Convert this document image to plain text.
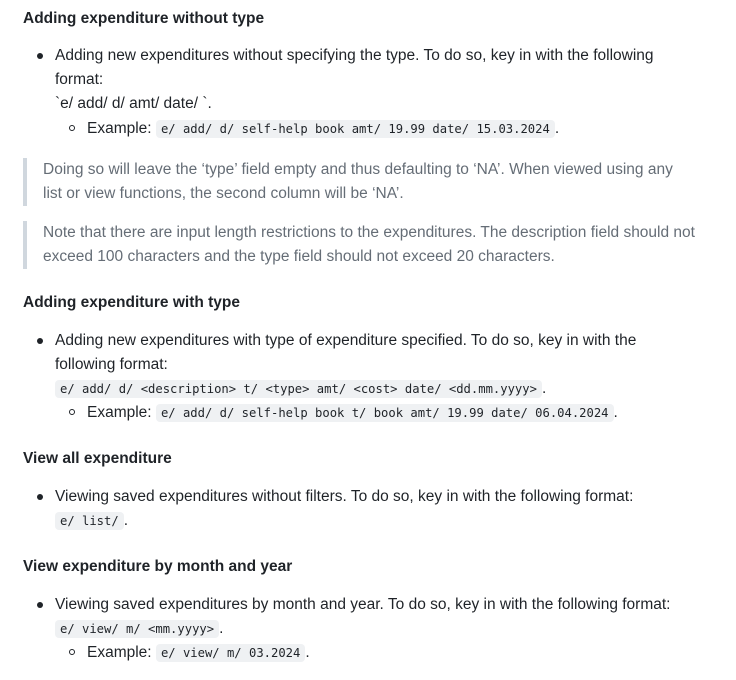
Adding expenditure without type
Adding new expenditures without specifying the type. To do so, key in with the following format:
`e/ add/ d/ amt/ date/ `.
Example: e/ add/ d/ self-help book amt/ 19.99 date/ 15.03.2024 .
Doing so will leave the ‘type’ field empty and thus defaulting to ‘NA’. When viewed using any list or view functions, the second column will be ‘NA’.
Note that there are input length restrictions to the expenditures. The description field should not exceed 100 characters and the type field should not exceed 20 characters.
Adding expenditure with type
Adding new expenditures with type of expenditure specified. To do so, key in with the following format:
e/ add/ d/ <description> t/ <type> amt/ <cost> date/ <dd.mm.yyyy> .
Example: e/ add/ d/ self-help book t/ book amt/ 19.99 date/ 06.04.2024 .
View all expenditure
Viewing saved expenditures without filters. To do so, key in with the following format:
e/ list/ .
View expenditure by month and year
Viewing saved expenditures by month and year. To do so, key in with the following format:
e/ view/ m/ <mm.yyyy> .
Example: e/ view/ m/ 03.2024 .
